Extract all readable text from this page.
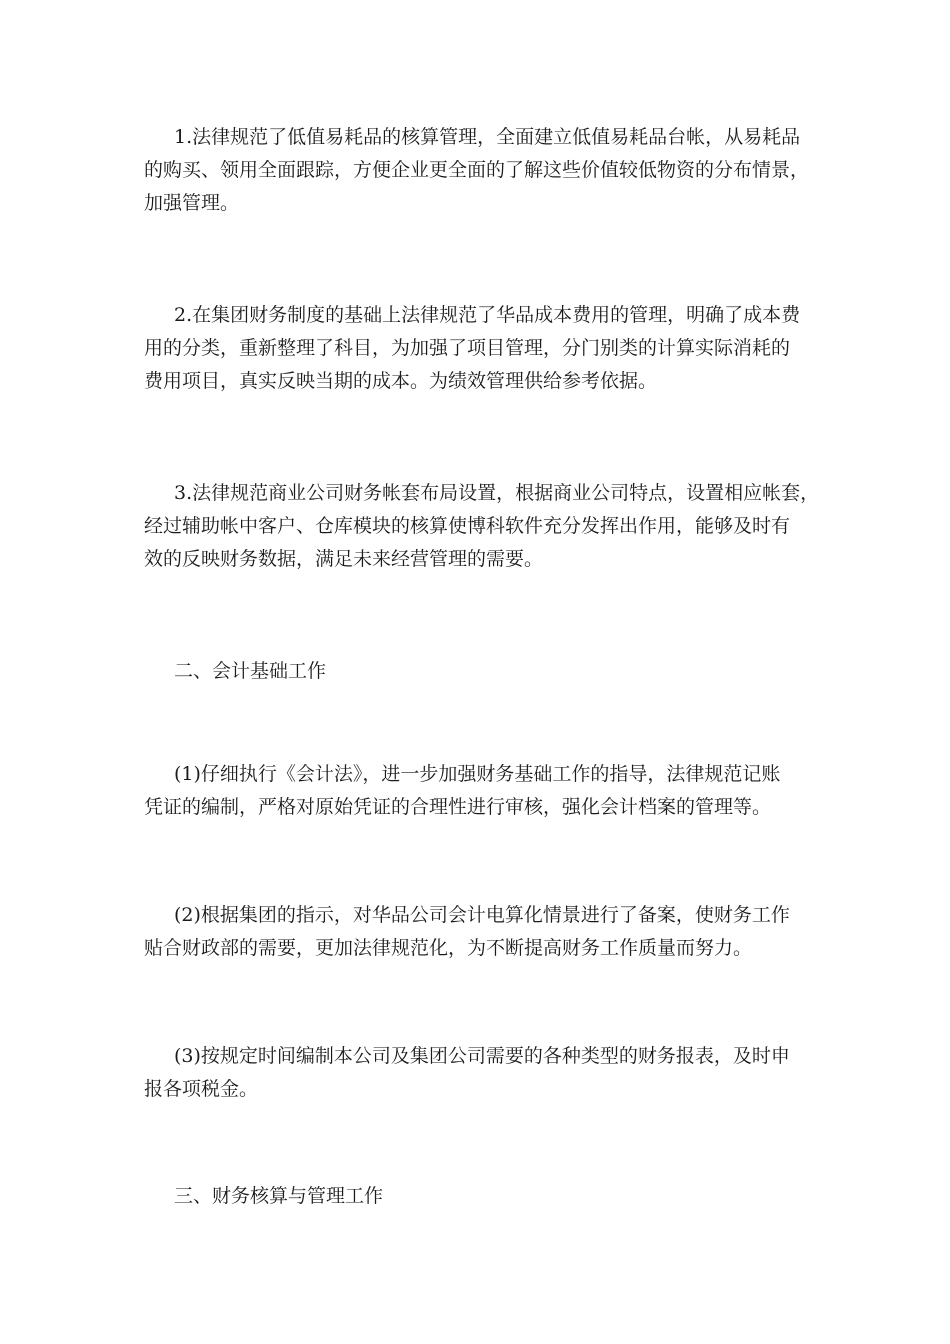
1.法律规范了低值易耗品的核算管理，全面建立低值易耗品台帐，从易耗品
的购买、领用全面跟踪，方便企业更全面的了解这些价值较低物资的分布情景，
加强管理。
2.在集团财务制度的基础上法律规范了华品成本费用的管理，明确了成本费
用的分类，重新整理了科目，为加强了项目管理，分门别类的计算实际消耗的
费用项目，真实反映当期的成本。为绩效管理供给参考依据。
3.法律规范商业公司财务帐套布局设置，根据商业公司特点，设置相应帐套，
经过辅助帐中客户、仓库模块的核算使博科软件充分发挥出作用，能够及时有
效的反映财务数据，满足未来经营管理的需要。
二、会计基础工作
(1)仔细执行《会计法》，进一步加强财务基础工作的指导，法律规范记账
凭证的编制，严格对原始凭证的合理性进行审核，强化会计档案的管理等。
(2)根据集团的指示，对华品公司会计电算化情景进行了备案，使财务工作
贴合财政部的需要，更加法律规范化，为不断提高财务工作质量而努力。
(3)按规定时间编制本公司及集团公司需要的各种类型的财务报表，及时申
报各项税金。
三、财务核算与管理工作
